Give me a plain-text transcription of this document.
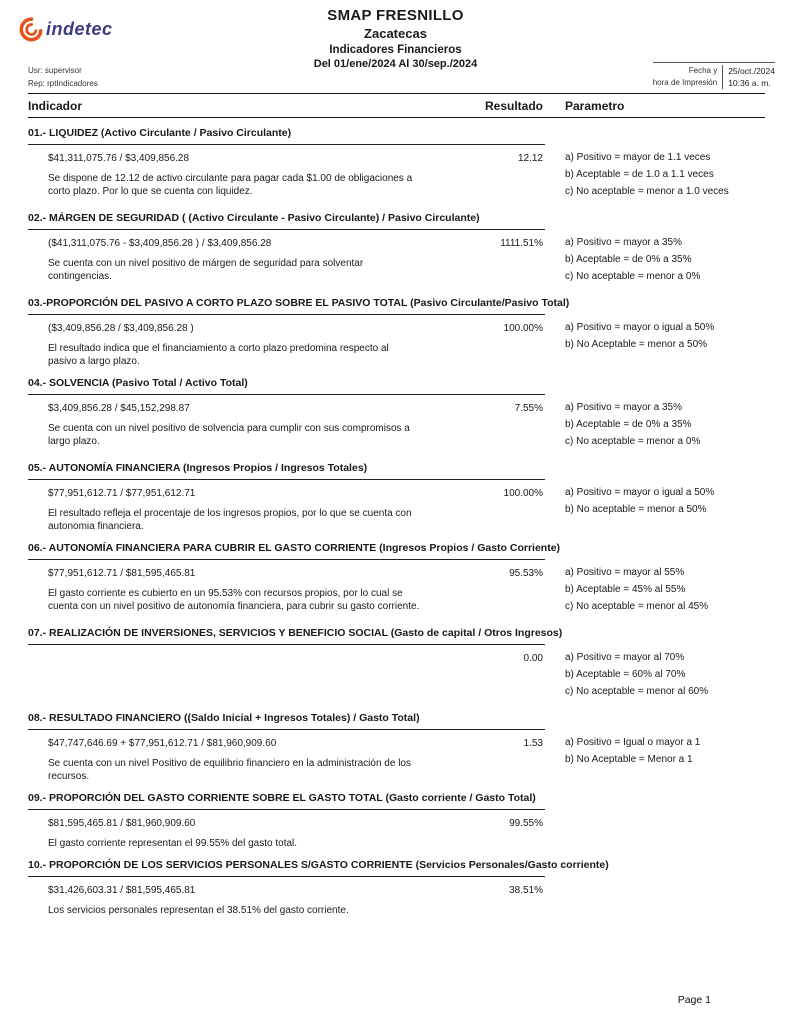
indetec
SMAP FRESNILLO
Zacatecas
Indicadores Financieros
Del 01/ene/2024 Al 30/sep./2024
Usr: supervisor
Rep: rptIndicadores
Fecha y
hora de Impresión
25/oct./2024
10:36 a. m.
Indicador	Resultado	Parametro
01.- LIQUIDEZ (Activo Circulante / Pasivo Circulante)
$41,311,075.76 / $3,409,856.28
Se dispone de 12.12 de activo circulante para pagar cada $1.00 de obligaciones a corto plazo. Por lo que se cuenta con liquidez.
12.12 a) Positivo = mayor de 1.1 veces
b) Aceptable = de 1.0 a 1.1 veces
c) No aceptable = menor a 1.0 veces
02.- MÁRGEN DE SEGURIDAD ( (Activo Circulante - Pasivo Circulante) / Pasivo Circulante)
($41,311,075.76 - $3,409,856.28 ) / $3,409,856.28
Se cuenta con un nivel positivo de márgen de seguridad para solventar contingencias.
1111.51% a) Positivo = mayor a 35%
b) Aceptable = de 0% a 35%
c) No aceptable = menor a 0%
03.-PROPORCIÓN DEL PASIVO A CORTO PLAZO SOBRE EL PASIVO TOTAL (Pasivo Circulante/Pasivo Total)
($3,409,856.28 / $3,409,856.28 )
El resultado indica que el financiamiento a corto plazo predomina respecto al pasivo a largo plazo.
100.00% a) Positivo = mayor o igual a 50%
b) No Aceptable = menor a 50%
04.- SOLVENCIA (Pasivo Total / Activo Total)
$3,409,856.28 / $45,152,298.87
Se cuenta con un nivel positivo de solvencia para cumplir con sus compromisos a largo plazo.
7.55% a) Positivo = mayor a 35%
b) Aceptable = de 0% a 35%
c) No aceptable = menor a 0%
05.- AUTONOMÍA FINANCIERA (Ingresos Propios / Ingresos Totales)
$77,951,612.71 / $77,951,612.71
El resultado refleja el procentaje de los ingresos propios, por lo que se cuenta con autonomia financiera.
100.00% a) Positivo = mayor o igual a 50%
b) No aceptable = menor a 50%
06.- AUTONOMÍA FINANCIERA PARA CUBRIR EL GASTO CORRIENTE (Ingresos Propios / Gasto Corriente)
$77,951,612.71 / $81,595,465.81
El gasto corriente es cubierto en un 95.53% con recursos propios, por lo cual se cuenta con un nivel positivo de autonomía financiera, para cubrir su gasto corriente.
95.53% a) Positivo = mayor al 55%
b) Aceptable = 45% al 55%
c) No aceptable = menor al 45%
07.- REALIZACIÓN DE INVERSIONES, SERVICIOS Y BENEFICIO SOCIAL (Gasto de capital / Otros Ingresos)
0.00 a) Positivo = mayor al 70%
b) Aceptable = 60% al 70%
c) No aceptable = menor al 60%
08.- RESULTADO FINANCIERO ((Saldo Inicial + Ingresos Totales) / Gasto Total)
$47,747,646.69 + $77,951,612.71 / $81,960,909.60
Se cuenta con un nivel Positivo de equilibrio financiero en la administración de los recursos.
1.53 a) Positivo = Igual o mayor a 1
b) No Aceptable = Menor a 1
09.- PROPORCIÓN DEL GASTO CORRIENTE SOBRE EL GASTO TOTAL (Gasto corriente / Gasto Total)
$81,595,465.81 / $81,960,909.60
El gasto corriente representan el 99.55% del gasto total.
99.55%
10.- PROPORCIÓN DE LOS SERVICIOS PERSONALES S/GASTO CORRIENTE (Servicios Personales/Gasto corriente)
$31,426,603.31 / $81,595,465.81
Los servicios personales representan el 38.51% del gasto corriente.
38.51%
Page 1
